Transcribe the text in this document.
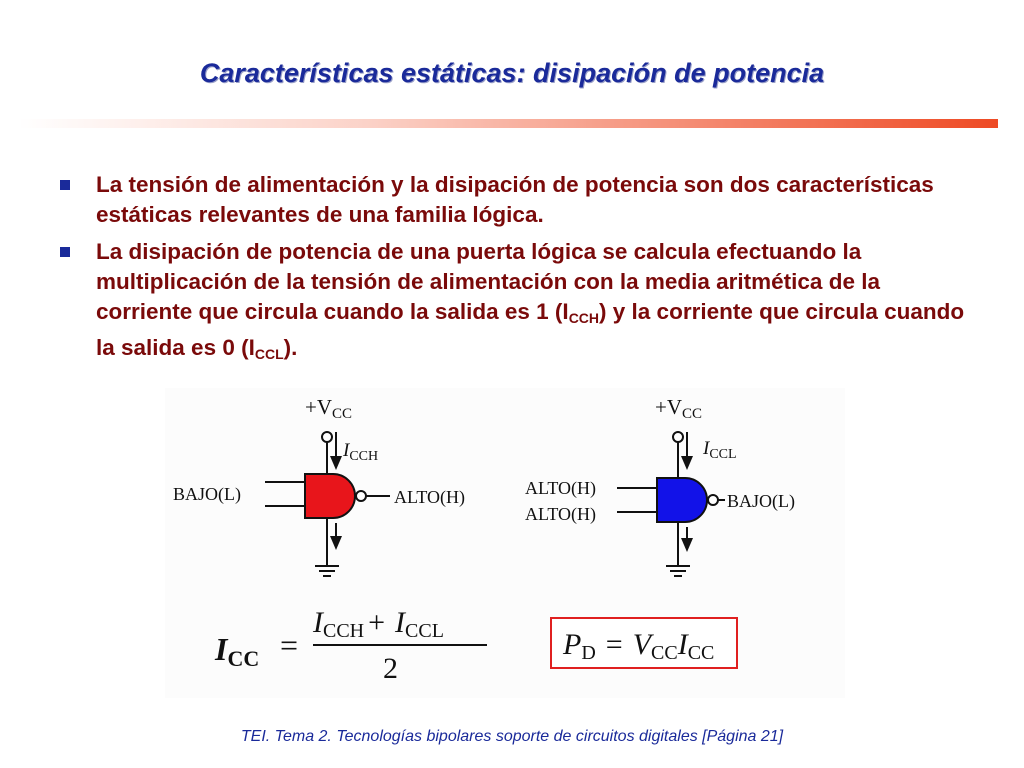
Características estáticas: disipación de potencia
La tensión de alimentación y la disipación de potencia son dos características estáticas relevantes de una familia lógica.
La disipación de potencia de una puerta lógica se calcula efectuando la multiplicación de la tensión de alimentación con la media aritmética de la corriente que circula cuando la salida es 1 $(I_{CCH})$ y la corriente que circula cuando la salida es 0 $(I_{CCL})$.
+VCC
$I_{CCH}$
BAJO(L)	ALTO(H)
+VCC
$I_{CCL}$
ALTO(H)
ALTO(H)
BAJO(L)
ICC =
ICCH + ICCL
2
PD = VCCICC
TEI. Tema 2. Tecnologías bipolares soporte de circuitos digitales [Página 21]
